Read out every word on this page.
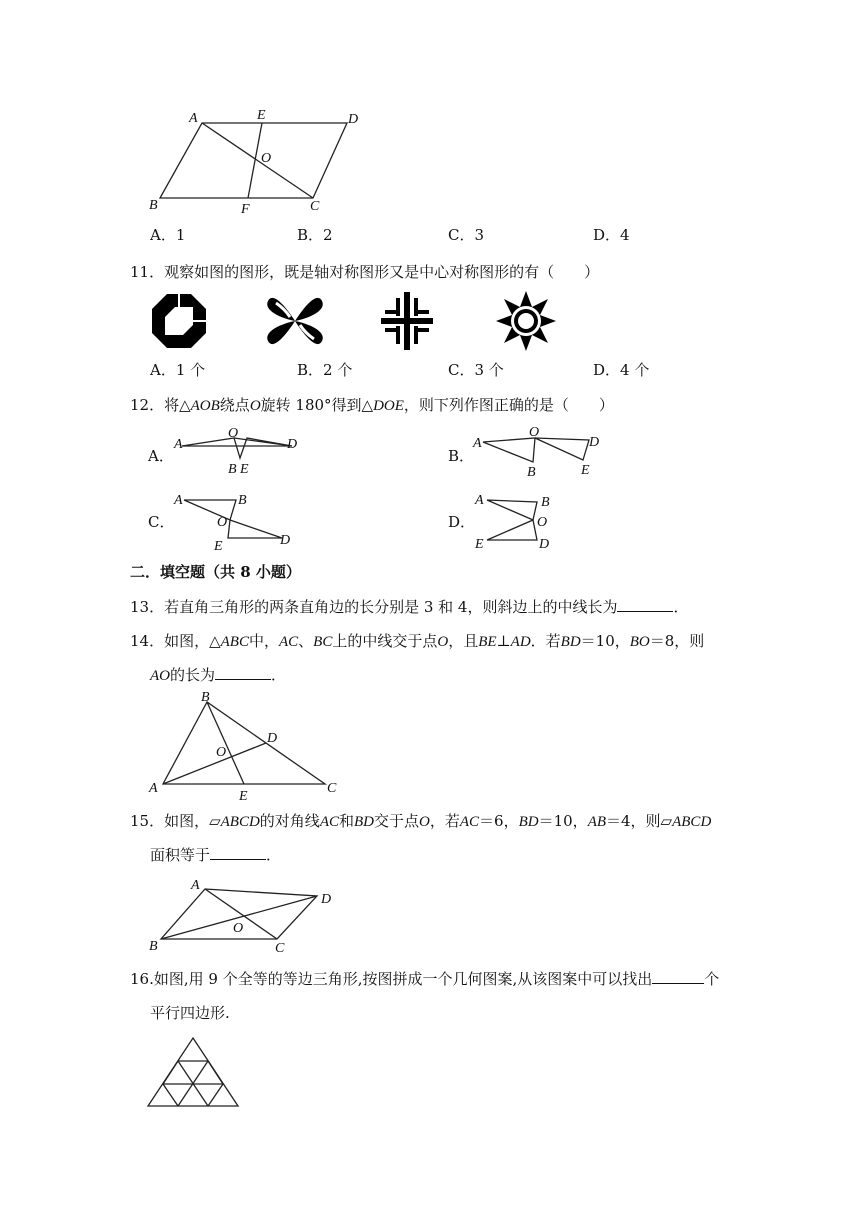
A	E	D
O
B	F	C
A．1	B．2	C．3	D．4
11．观察如图的图形，既是轴对称图形又是中心对称图形的有（　　）
A．1 个	B．2 个	C．3 个	D．4 个
12．将△AOB绕点O旋转 180°得到△DOE，则下列作图正确的是（　　）
A．
A
O
D
B E
B．
A
O
D
B	E
C．
A	B
O
E	D
D．
A	B
O
E	D
二．填空题（共 8 小题）
13．若直角三角形的两条直角边的长分别是 3 和 4，则斜边上的中线长为	．
14．如图，△ABC中，AC、BC上的中线交于点O，且BE⊥AD．若BD＝10，BO＝8，则
AO的长为	．
B
D
O
A
E
C
15．如图，▱ABCD的对角线AC和BD交于点O，若AC＝6，BD＝10，AB＝4，则▱ABCD
面积等于	．
A
D
O
B	C
16.如图,用 9 个全等的等边三角形,按图拼成一个几何图案,从该图案中可以找出	个
平行四边形.
